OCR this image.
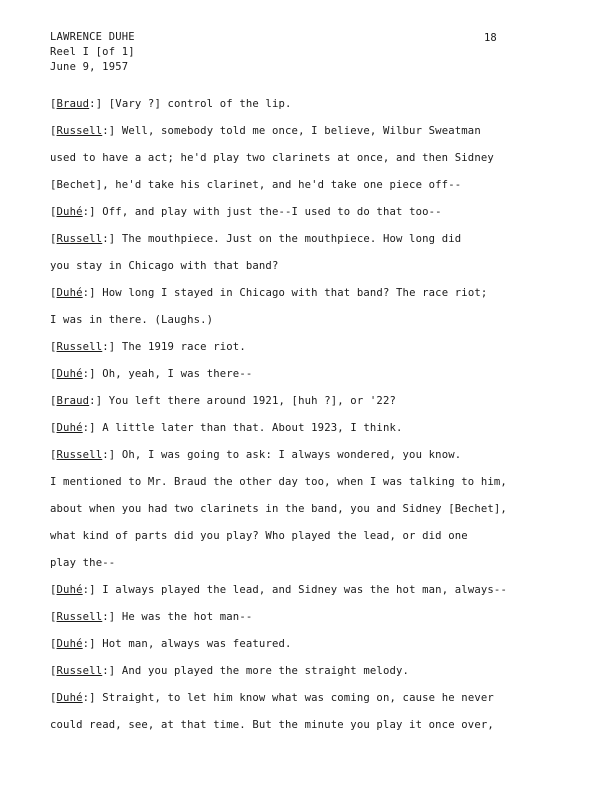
LAWRENCE DUHE
Reel I [of 1]
June 9, 1957
18
[Braud:] [Vary ?] control of the lip.
[Russell:] Well, somebody told me once, I believe, Wilbur Sweatman
used to have a act; he'd play two clarinets at once, and then Sidney
[Bechet], he'd take his clarinet, and he'd take one piece off--
[Duhé:] Off, and play with just the--I used to do that too--
[Russell:] The mouthpiece. Just on the mouthpiece. How long did
you stay in Chicago with that band?
[Duhé:] How long I stayed in Chicago with that band? The race riot;
I was in there. (Laughs.)
[Russell:] The 1919 race riot.
[Duhé:] Oh, yeah, I was there--
[Braud:] You left there around 1921, [huh ?], or '22?
[Duhé:] A little later than that. About 1923, I think.
[Russell:] Oh, I was going to ask: I always wondered, you know.
I mentioned to Mr. Braud the other day too, when I was talking to him,
about when you had two clarinets in the band, you and Sidney [Bechet],
what kind of parts did you play? Who played the lead, or did one
play the--
[Duhé:] I always played the lead, and Sidney was the hot man, always--
[Russell:] He was the hot man--
[Duhé:] Hot man, always was featured.
[Russell:] And you played the more the straight melody.
[Duhé:] Straight, to let him know what was coming on, cause he never
could read, see, at that time. But the minute you play it once over,
